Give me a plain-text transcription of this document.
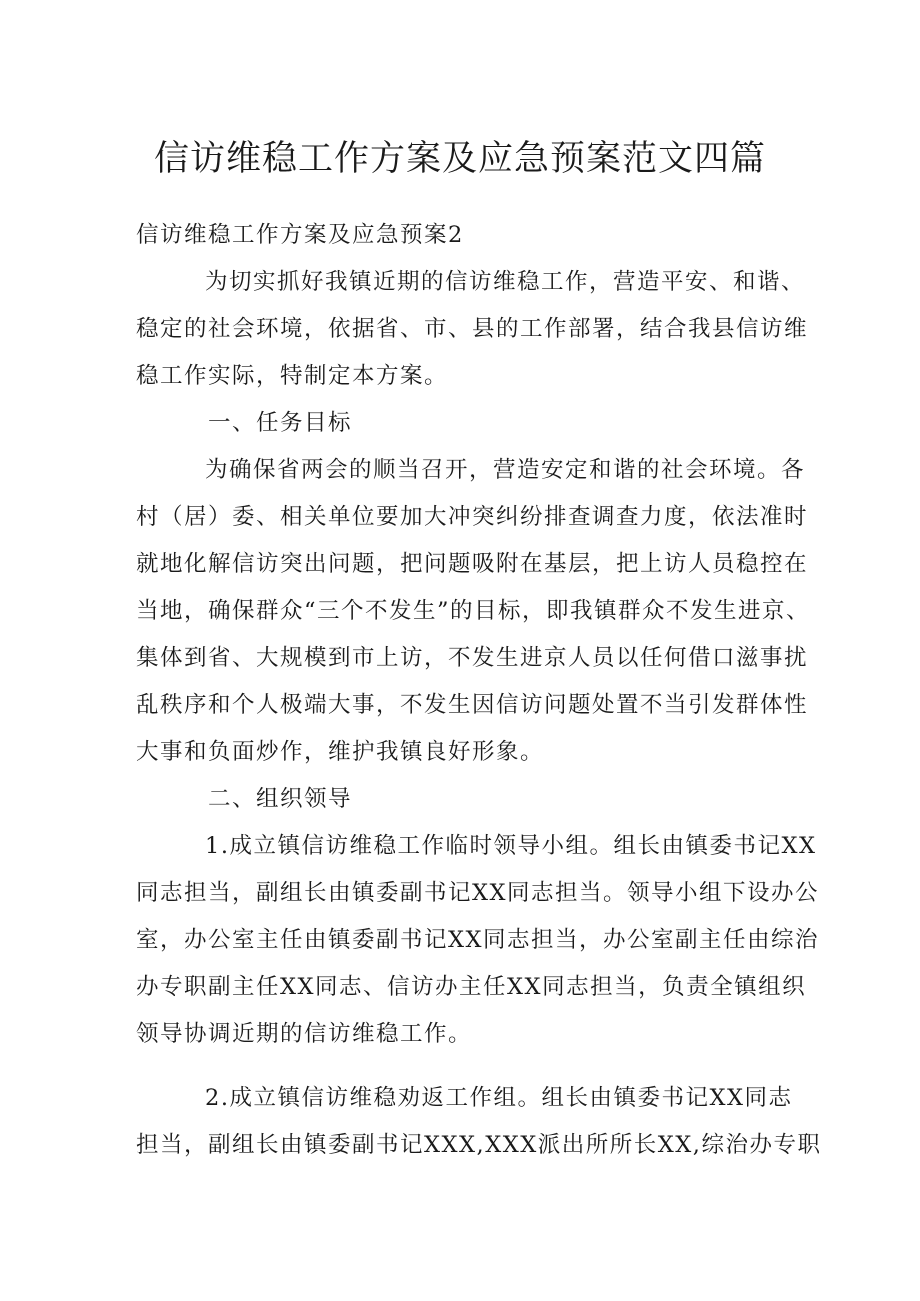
信访维稳工作方案及应急预案范文四篇

信访维稳工作方案及应急预案2

为切实抓好我镇近期的信访维稳工作，营造平安、和谐、

稳定的社会环境，依据省、市、县的工作部署，结合我县信访维

稳工作实际，特制定本方案。

一、任务目标

为确保省两会的顺当召开，营造安定和谐的社会环境。各

村（居）委、相关单位要加大冲突纠纷排查调查力度，依法准时

就地化解信访突出问题，把问题吸附在基层，把上访人员稳控在

当地，确保群众“三个不发生”的目标，即我镇群众不发生进京、

集体到省、大规模到市上访，不发生进京人员以任何借口滋事扰

乱秩序和个人极端大事，不发生因信访问题处置不当引发群体性

大事和负面炒作，维护我镇良好形象。

二、组织领导

1.成立镇信访维稳工作临时领导小组。组长由镇委书记XX

同志担当，副组长由镇委副书记XX同志担当。领导小组下设办公

室，办公室主任由镇委副书记XX同志担当，办公室副主任由综治

办专职副主任XX同志、信访办主任XX同志担当，负责全镇组织

领导协调近期的信访维稳工作。

2.成立镇信访维稳劝返工作组。组长由镇委书记XX同志

担当，副组长由镇委副书记XXX,XXX派出所所长XX,综治办专职
